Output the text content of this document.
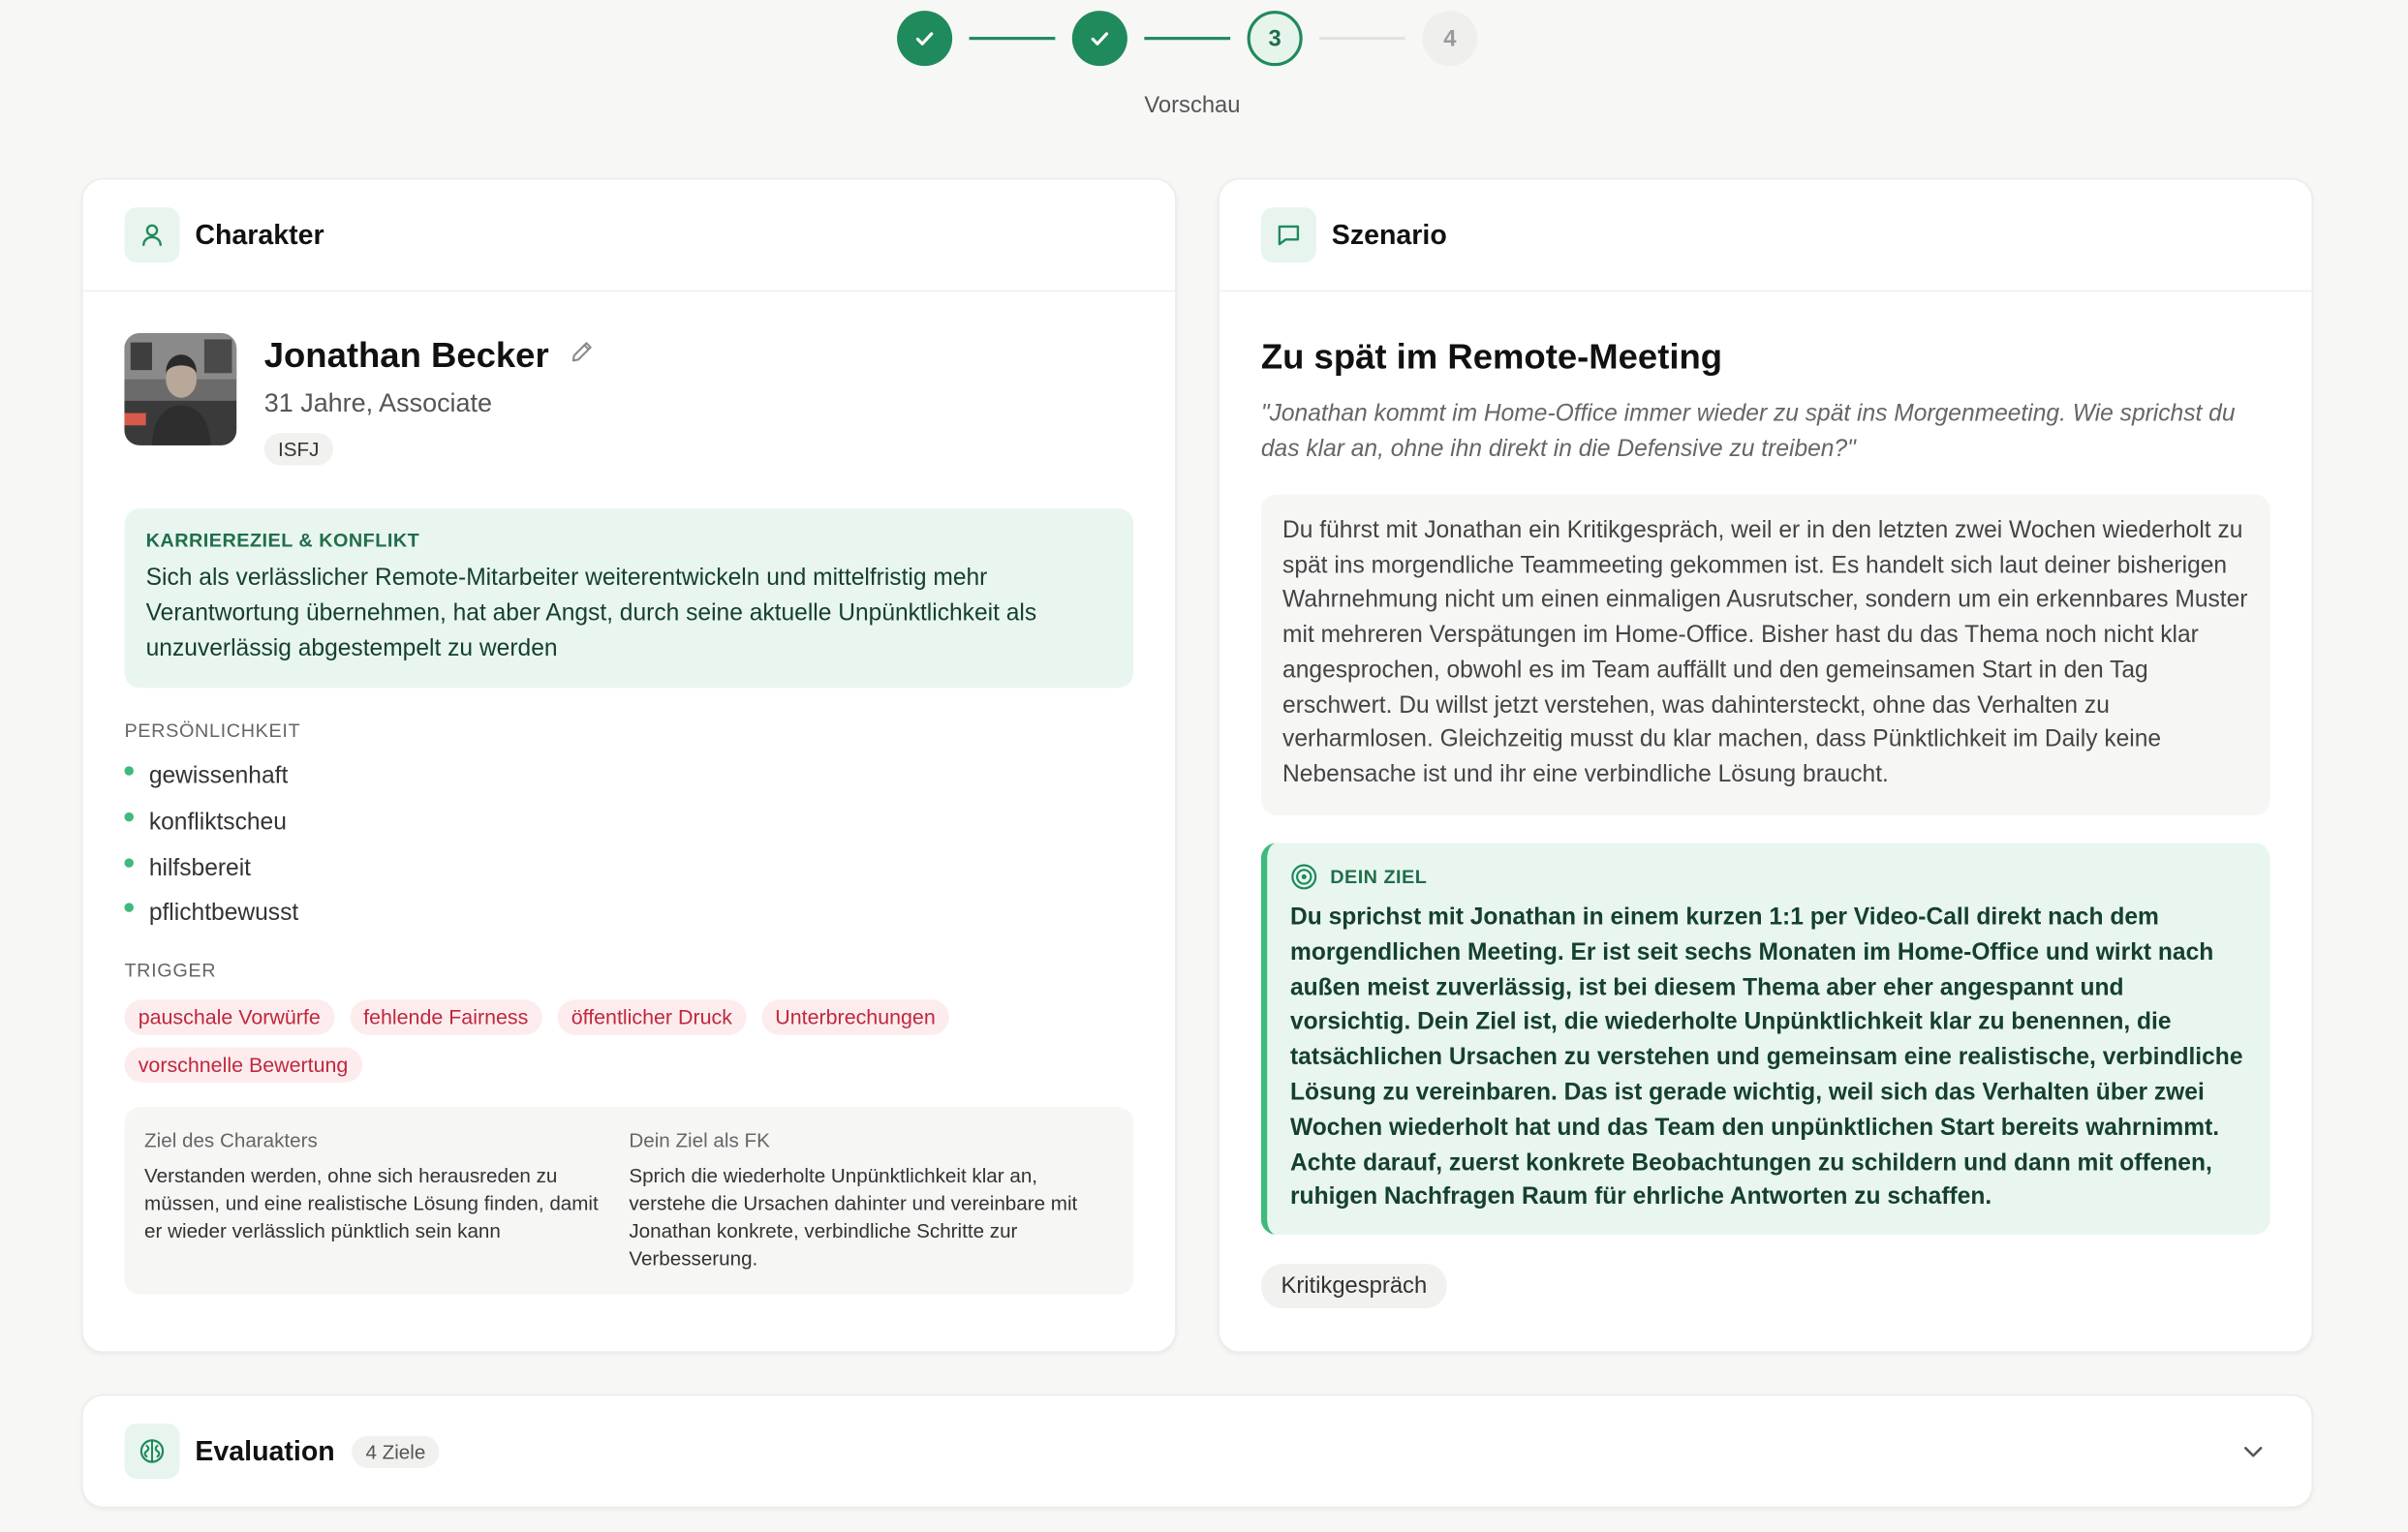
3	4
Vorschau
Charakter
Jonathan Becker
31 Jahre, Associate
ISFJ
KARRIEREZIEL & KONFLIKT
Sich als verlässlicher Remote-Mitarbeiter weiterentwickeln und mittelfristig mehr Verantwortung übernehmen, hat aber Angst, durch seine aktuelle Unpünktlichkeit als unzuverlässig abgestempelt zu werden
PERSÖNLICHKEIT
gewissenhaft
konfliktscheu
hilfsbereit
pflichtbewusst
TRIGGER
pauschale Vorwürfe	fehlende Fairness	öffentlicher Druck	Unterbrechungen
vorschnelle Bewertung
Ziel des Charakters

Verstanden werden, ohne sich herausreden zu müssen, und eine realistische Lösung finden, damit er wieder verlässlich pünktlich sein kann

Dein Ziel als FK

Sprich die wiederholte Unpünktlichkeit klar an, verstehe die Ursachen dahinter und vereinbare mit Jonathan konkrete, verbindliche Schritte zur Verbesserung.

Szenario
Zu spät im Remote-Meeting
"Jonathan kommt im Home-Office immer wieder zu spät ins Morgenmeeting. Wie sprichst du das klar an, ohne ihn direkt in die Defensive zu treiben?"
Du führst mit Jonathan ein Kritikgespräch, weil er in den letzten zwei Wochen wiederholt zu spät ins morgendliche Teammeeting gekommen ist. Es handelt sich laut deiner bisherigen Wahrnehmung nicht um einen einmaligen Ausrutscher, sondern um ein erkennbares Muster mit mehreren Verspätungen im Home-Office. Bisher hast du das Thema noch nicht klar angesprochen, obwohl es im Team auffällt und den gemeinsamen Start in den Tag erschwert. Du willst jetzt verstehen, was dahintersteckt, ohne das Verhalten zu verharmlosen. Gleichzeitig musst du klar machen, dass Pünktlichkeit im Daily keine Nebensache ist und ihr eine verbindliche Lösung braucht.
DEIN ZIEL
Du sprichst mit Jonathan in einem kurzen 1:1 per Video-Call direkt nach dem morgendlichen Meeting. Er ist seit sechs Monaten im Home-Office und wirkt nach außen meist zuverlässig, ist bei diesem Thema aber eher angespannt und vorsichtig. Dein Ziel ist, die wiederholte Unpünktlichkeit klar zu benennen, die tatsächlichen Ursachen zu verstehen und gemeinsam eine realistische, verbindliche Lösung zu vereinbaren. Das ist gerade wichtig, weil sich das Verhalten über zwei Wochen wiederholt hat und das Team den unpünktlichen Start bereits wahrnimmt. Achte darauf, zuerst konkrete Beobachtungen zu schildern und dann mit offenen, ruhigen Nachfragen Raum für ehrliche Antworten zu schaffen.
Kritikgespräch
Evaluation	4 Ziele
